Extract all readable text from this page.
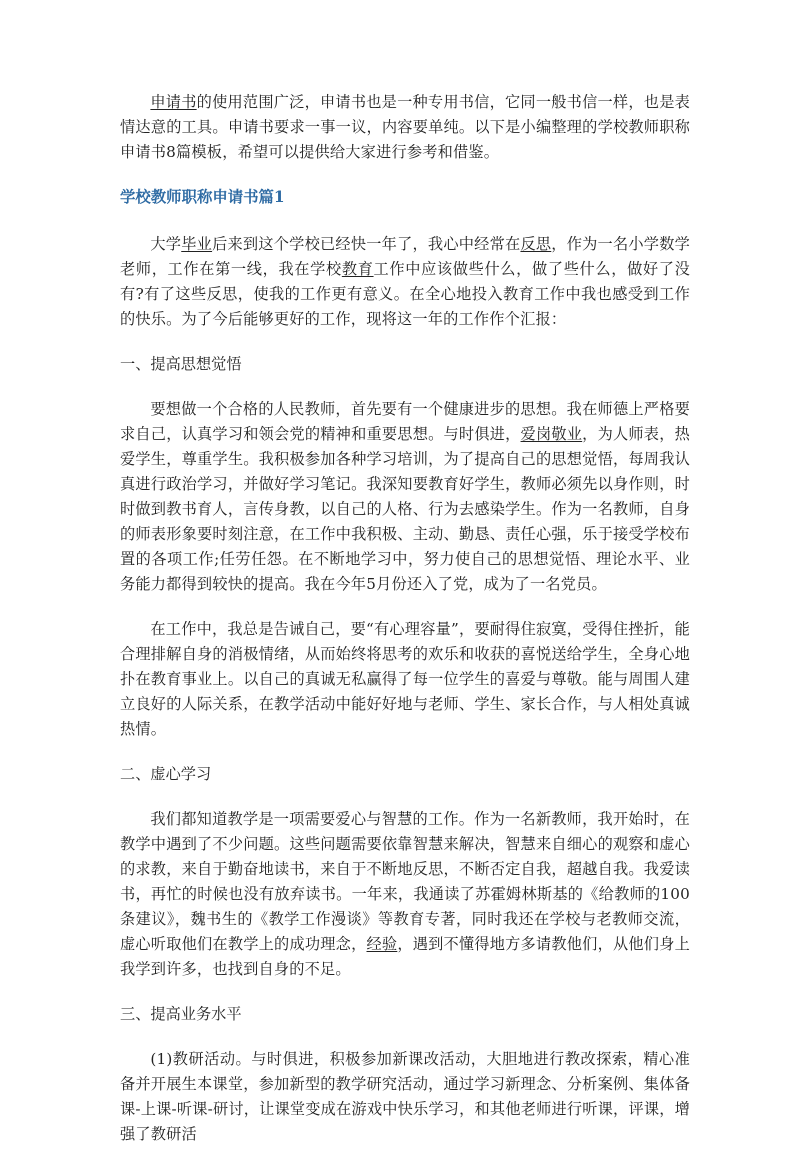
申请书的使用范围广泛，申请书也是一种专用书信，它同一般书信一样，也是表情达意的工具。申请书要求一事一议，内容要单纯。以下是小编整理的学校教师职称申请书8篇模板，希望可以提供给大家进行参考和借鉴。

学校教师职称申请书篇1

大学毕业后来到这个学校已经快一年了，我心中经常在反思，作为一名小学数学老师，工作在第一线，我在学校教育工作中应该做些什么，做了些什么，做好了没有?有了这些反思，使我的工作更有意义。在全心地投入教育工作中我也感受到工作的快乐。为了今后能够更好的工作，现将这一年的工作作个汇报：

一、提高思想觉悟

要想做一个合格的人民教师，首先要有一个健康进步的思想。我在师德上严格要求自己，认真学习和领会党的精神和重要思想。与时俱进，爱岗敬业，为人师表，热爱学生，尊重学生。我积极参加各种学习培训，为了提高自己的思想觉悟，每周我认真进行政治学习，并做好学习笔记。我深知要教育好学生，教师必须先以身作则，时时做到教书育人，言传身教，以自己的人格、行为去感染学生。作为一名教师，自身的师表形象要时刻注意，在工作中我积极、主动、勤恳、责任心强，乐于接受学校布置的各项工作;任劳任怨。在不断地学习中，努力使自己的思想觉悟、理论水平、业务能力都得到较快的提高。我在今年5月份还入了党，成为了一名党员。

在工作中，我总是告诫自己，要“有心理容量”，要耐得住寂寞，受得住挫折，能合理排解自身的消极情绪，从而始终将思考的欢乐和收获的喜悦送给学生，全身心地扑在教育事业上。以自己的真诚无私赢得了每一位学生的喜爱与尊敬。能与周围人建立良好的人际关系，在教学活动中能好好地与老师、学生、家长合作，与人相处真诚热情。

二、虚心学习

我们都知道教学是一项需要爱心与智慧的工作。作为一名新教师，我开始时，在教学中遇到了不少问题。这些问题需要依靠智慧来解决，智慧来自细心的观察和虚心的求教，来自于勤奋地读书，来自于不断地反思，不断否定自我，超越自我。我爱读书，再忙的时候也没有放弃读书。一年来，我通读了苏霍姆林斯基的《给教师的100条建议》，魏书生的《教学工作漫谈》等教育专著，同时我还在学校与老教师交流，虚心听取他们在教学上的成功理念，经验，遇到不懂得地方多请教他们，从他们身上我学到许多，也找到自身的不足。

三、提高业务水平

(1)教研活动。与时俱进，积极参加新课改活动，大胆地进行教改探索，精心准备并开展生本课堂，参加新型的教学研究活动，通过学习新理念、分析案例、集体备课-上课-听课-研讨，让课堂变成在游戏中快乐学习，和其他老师进行听课，评课，增强了教研活
